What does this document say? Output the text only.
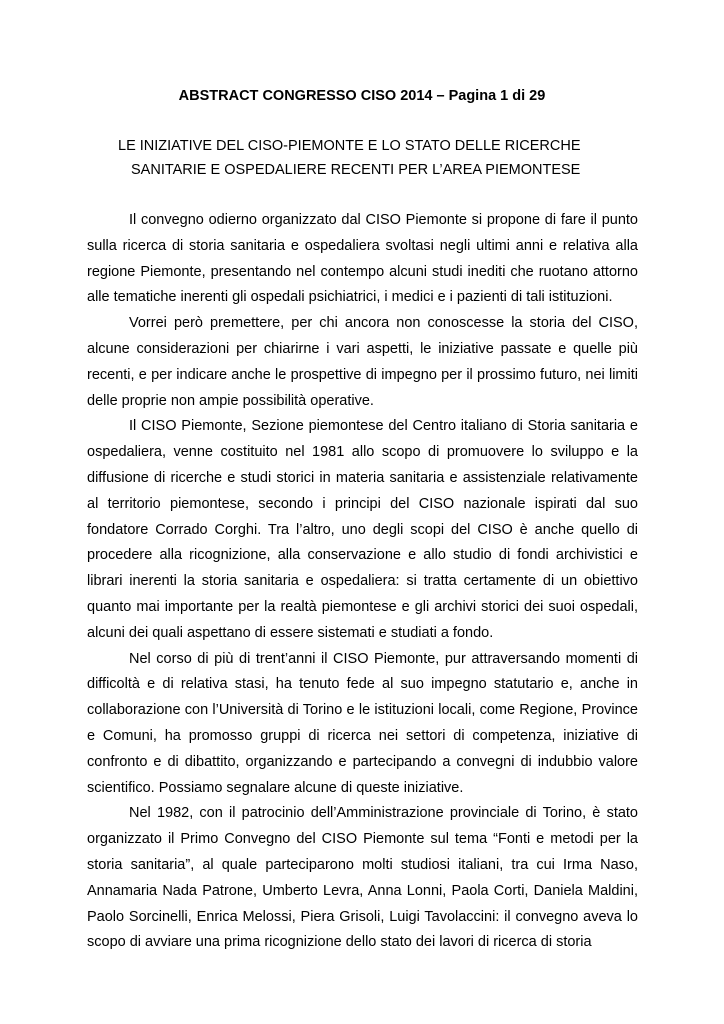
ABSTRACT CONGRESSO CISO 2014 – Pagina 1 di 29
LE INIZIATIVE DEL CISO-PIEMONTE E LO STATO DELLE RICERCHE
SANITARIE E OSPEDALIERE RECENTI PER L’AREA PIEMONTESE

Il convegno odierno organizzato dal CISO Piemonte si propone di fare il punto sulla ricerca di storia sanitaria e ospedaliera svoltasi negli ultimi anni e relativa alla regione Piemonte, presentando nel contempo alcuni studi inediti che ruotano attorno alle tematiche inerenti gli ospedali psichiatrici, i medici e i pazienti di tali istituzioni.

Vorrei però premettere, per chi ancora non conoscesse la storia del CISO, alcune considerazioni per chiarirne i vari aspetti, le iniziative passate e quelle più recenti, e per indicare anche le prospettive di impegno per il prossimo futuro, nei limiti delle proprie non ampie possibilità operative.

Il CISO Piemonte, Sezione piemontese del Centro italiano di Storia sanitaria e ospedaliera, venne costituito nel 1981 allo scopo di promuovere lo sviluppo e la diffusione di ricerche e studi storici in materia sanitaria e assistenziale relativamente al territorio piemontese, secondo i principi del CISO nazionale ispirati dal suo fondatore Corrado Corghi. Tra l’altro, uno degli scopi del CISO è anche quello di procedere alla ricognizione, alla conservazione e allo studio di fondi archivistici e librari inerenti la storia sanitaria e ospedaliera: si tratta certamente di un obiettivo quanto mai importante per la realtà piemontese e gli archivi storici dei suoi ospedali, alcuni dei quali aspettano di essere sistemati e studiati a fondo.

Nel corso di più di trent’anni il CISO Piemonte, pur attraversando momenti di difficoltà e di relativa stasi, ha tenuto fede al suo impegno statutario e, anche in collaborazione con l’Università di Torino e le istituzioni locali, come Regione, Province e Comuni, ha promosso gruppi di ricerca nei settori di competenza, iniziative di confronto e di dibattito, organizzando e partecipando a convegni di indubbio valore scientifico. Possiamo segnalare alcune di queste iniziative.

Nel 1982, con il patrocinio dell’Amministrazione provinciale di Torino, è stato organizzato il Primo Convegno del CISO Piemonte sul tema “Fonti e metodi per la storia sanitaria”, al quale parteciparono molti studiosi italiani, tra cui Irma Naso, Annamaria Nada Patrone, Umberto Levra, Anna Lonni, Paola Corti, Daniela Maldini, Paolo Sorcinelli, Enrica Melossi, Piera Grisoli, Luigi Tavolaccini: il convegno aveva lo scopo di avviare una prima ricognizione dello stato dei lavori di ricerca di storia
